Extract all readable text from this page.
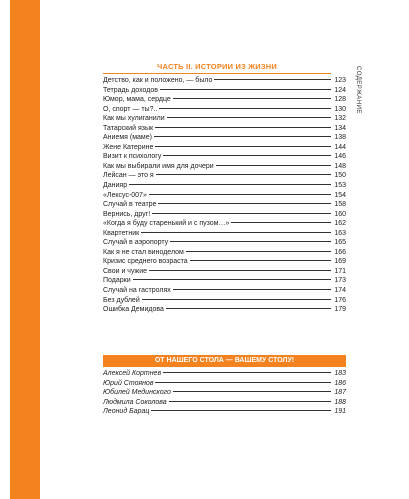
СОДЕРЖАНИЕ
ЧАСТЬ II. ИСТОРИИ ИЗ ЖИЗНИ
Детство, как и положено, — было	123
Тетрадь доходов	124
Юмор, мама, сердце	128
О, спорт — ты?..	130
Как мы хулиганили	132
Татарский язык	134
Аниемя (маме)	138
Жене Катерине	144
Визит к психологу	146
Как мы выбирали имя для дочери	148
Лейсан — это я	150
Данияр	153
«Лексус-007»	154
Случай в театре	158
Вернись, друг!	160
«Когда я буду старенький и с пузом…»	162
Квартетник	163
Случай в аэропорту	165
Как я не стал виноделом	166
Кризис среднего возраста	169
Свои и чужие	171
Подарки	173
Случай на гастролях	174
Без дублей	176
Ошибка Демидова	179
ОТ НАШЕГО СТОЛА — ВАШЕМУ СТОЛУ!
Алексей Кортнев	183
Юрий Стоянов	186
Юбилей Мединского	187
Людмила Соколова	188
Леонид Барац	191
